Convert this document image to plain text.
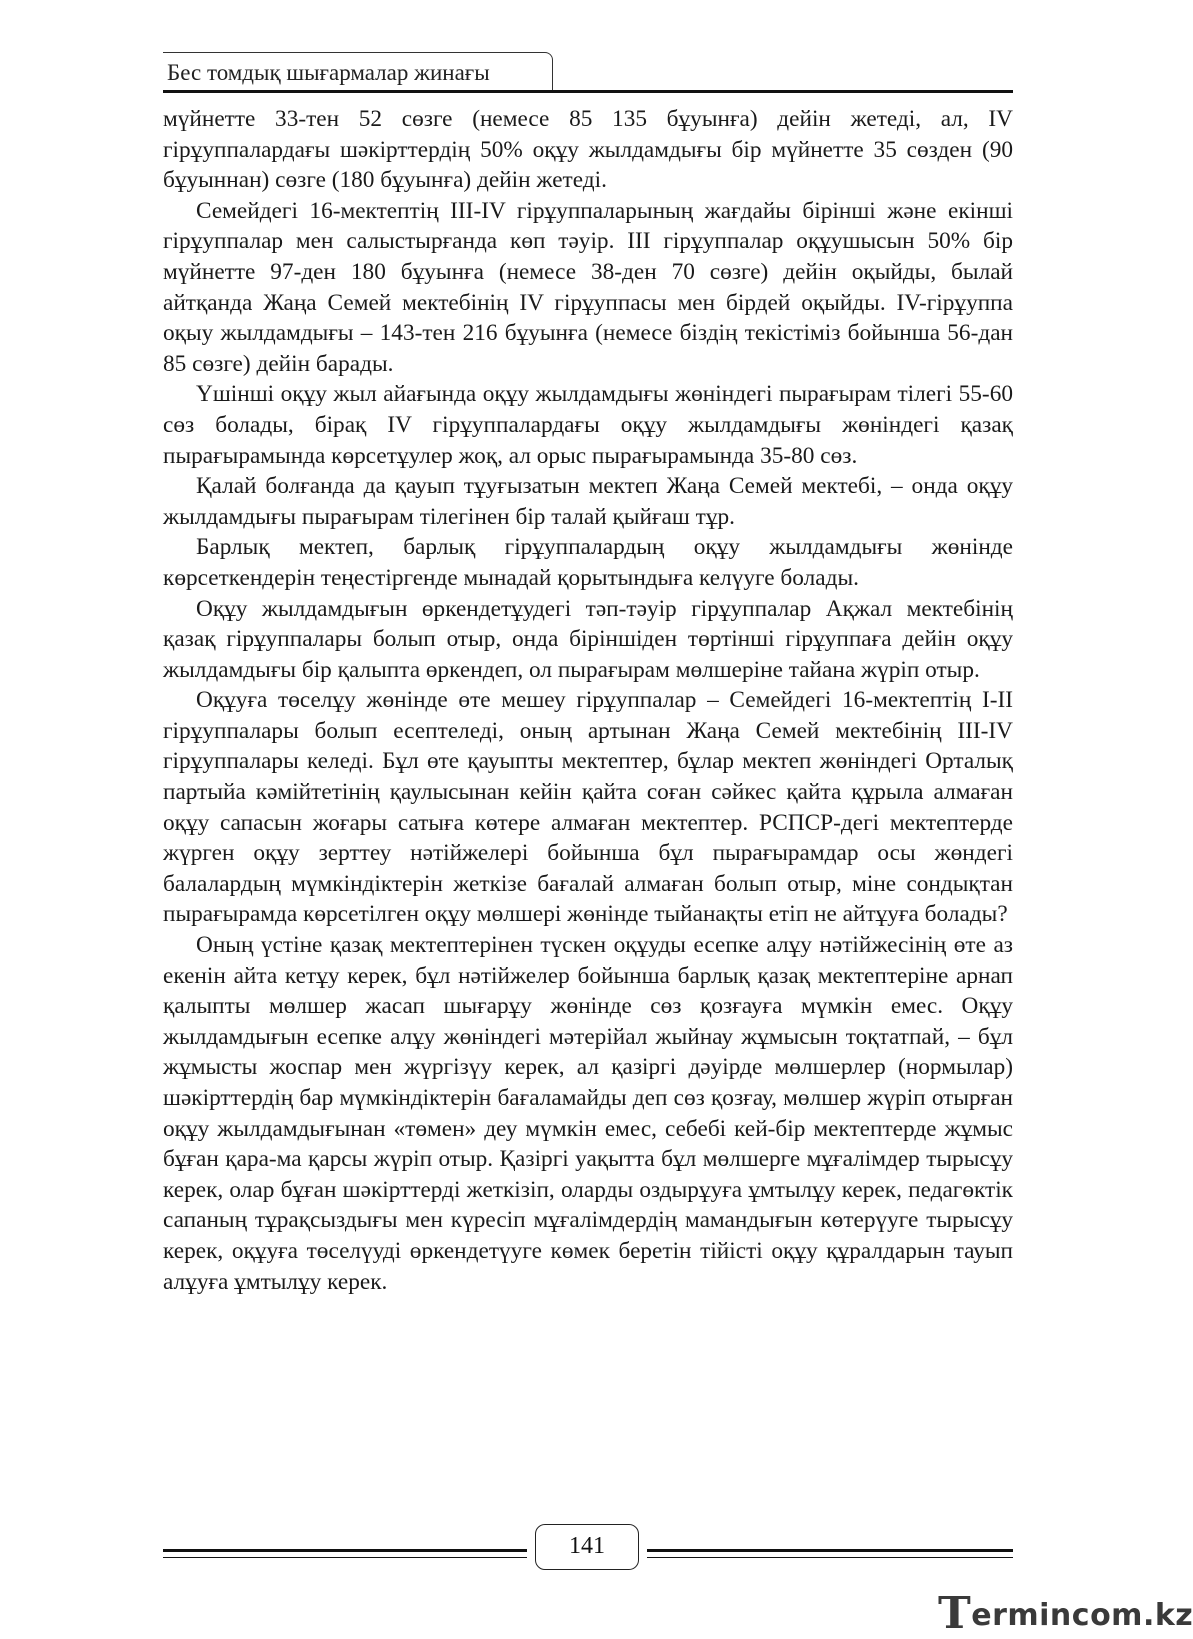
Бес томдық шығармалар жинағы

мүйнетте 33-тен 52 сөзге (немесе 85 135 бұуынға) дейін жетеді, ал, IV гірұуппалардағы шәкірттердің 50% оқұу жылдамдығы бір мүйнетте 35 сөзден (90 бұуыннан) сөзге (180 бұуынға) дейін жетеді.

Семейдегі 16-мектептің III-IV гірұуппаларының жағдайы бірінші және екінші гірұуппалар мен салыстырғанда көп тәуір. III гірұуппалар оқұушысын 50% бір мүйнетте 97-ден 180 бұуынға (немесе 38-ден 70 сөзге) дейін оқыйды, былай айтқанда Жаңа Семей мектебінің IV гірұуппасы мен бірдей оқыйды. IV-гірұуппа оқыу жылдамдығы – 143-тен 216 бұуынға (немесе біздің текістіміз бойынша 56-дан 85 сөзге) дейін барады.

Үшінші оқұу жыл айағында оқұу жылдамдығы жөніндегі пырағырам тілегі 55-60 сөз болады, бірақ IV гірұуппалардағы оқұу жылдамдығы жөніндегі қазақ пырағырамында көрсетұулер жоқ, ал орыс пырағырамында 35-80 сөз.

Қалай болғанда да қауып тұуғызатын мектеп Жаңа Семей мектебі, – онда оқұу жылдамдығы пырағырам тілегінен бір талай қыйғаш тұр.

Барлық мектеп, барлық гірұуппалардың оқұу жылдамдығы жөнінде көрсеткендерін теңестіргенде мынадай қорытындыға келүуге болады.

Оқұу жылдамдығын өркендетұудегі тәп-тәуір гірұуппалар Ақжал мектебінің қазақ гірұуппалары болып отыр, онда біріншіден төртінші гірұуппаға дейін оқұу жылдамдығы бір қалыпта өркендеп, ол пырағырам мөлшеріне тайана жүріп отыр.

Оқұуға төселұу жөнінде өте мешеу гірұуппалар – Семейдегі 16-мектептің I-II гірұуппалары болып есептеледі, оның артынан Жаңа Семей мектебінің III-IV гірұуппалары келеді. Бұл өте қауыпты мектептер, бұлар мектеп жөніндегі Орталық партыйа кәмійтетінің қаулысынан кейін қайта соған сәйкес қайта құрыла алмаған оқұу сапасын жоғары сатыға көтере алмаған мектептер. РСПСР-дегі мектептерде жүрген оқұу зерттеу нәтійжелері бойынша бұл пырағырамдар осы жөндегі балалардың мүмкіндіктерін жеткізе бағалай алмаған болып отыр, міне сондықтан пырағырамда көрсетілген оқұу мөлшері жөнінде тыйанақты етіп не айтұуға болады?

Оның үстіне қазақ мектептерінен түскен оқұуды есепке алұу нәтійжесінің өте аз екенін айта кетұу керек, бұл нәтійжелер бойынша барлық қазақ мектептеріне арнап қалыпты мөлшер жасап шығарұу жөнінде сөз қозғауға мүмкін емес. Оқұу жылдамдығын есепке алұу жөніндегі мәтерійал жыйнау жұмысын тоқтатпай, – бұл жұмысты жоспар мен жүргізүу керек, ал қазіргі дәуірде мөлшерлер (нормылар) шәкірттердің бар мүмкіндіктерін бағаламайды деп сөз қозғау, мөлшер жүріп отырған оқұу жылдамдығынан «төмен» деу мүмкін емес, себебі кей-бір мектептерде жұмыс бұған қара-ма қарсы жүріп отыр. Қазіргі уақытта бұл мөлшерге мұғалімдер тырысұу керек, олар бұған шәкірттерді жеткізіп, оларды оздырұуға ұмтылұу керек, педагөктік сапаның тұрақсыздығы мен күресіп мұғалімдердің мамандығын көтерүуге тырысұу керек, оқұуға төселүуді өркендетүуге көмек беретін тійісті оқұу құралдарын тауып алұуға ұмтылұу керек.

141
Termincom.kz
